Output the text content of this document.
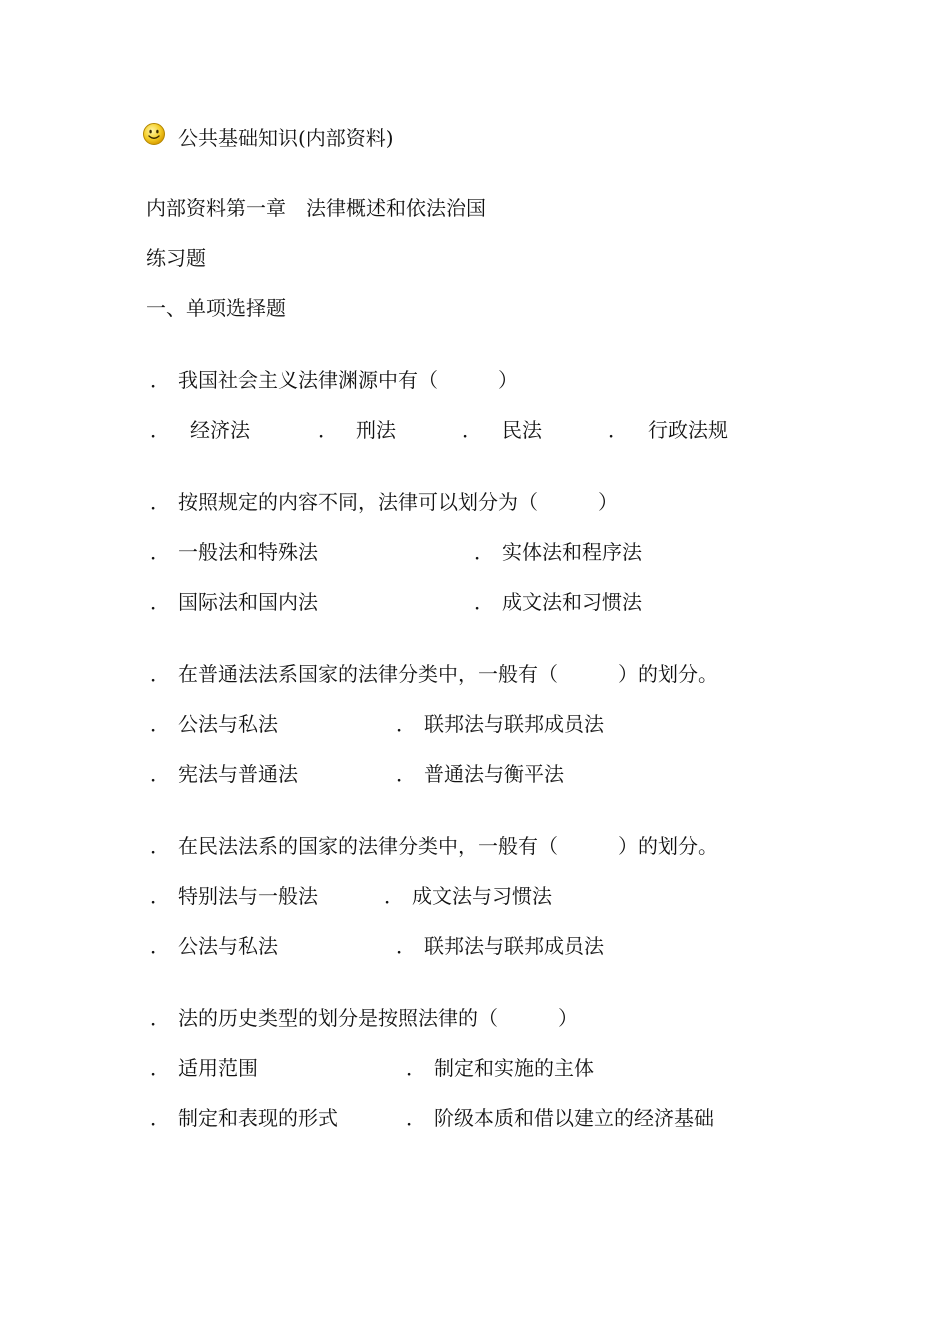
公共基础知识(内部资料)
内部资料第一章　法律概述和依法治国
练习题
一、单项选择题
． 我国社会主义法律渊源中有（　　　）
． 经济法	． 刑法	． 民法	． 行政法规
． 按照规定的内容不同，法律可以划分为（　　　）
． 一般法和特殊法	． 实体法和程序法
． 国际法和国内法	． 成文法和习惯法
． 在普通法法系国家的法律分类中，一般有（　　　）的划分。
． 公法与私法	． 联邦法与联邦成员法
． 宪法与普通法	． 普通法与衡平法
． 在民法法系的国家的法律分类中，一般有（　　　）的划分。
． 特别法与一般法	． 成文法与习惯法
． 公法与私法	． 联邦法与联邦成员法
． 法的历史类型的划分是按照法律的（　　　）
． 适用范围	． 制定和实施的主体
． 制定和表现的形式	． 阶级本质和借以建立的经济基础
